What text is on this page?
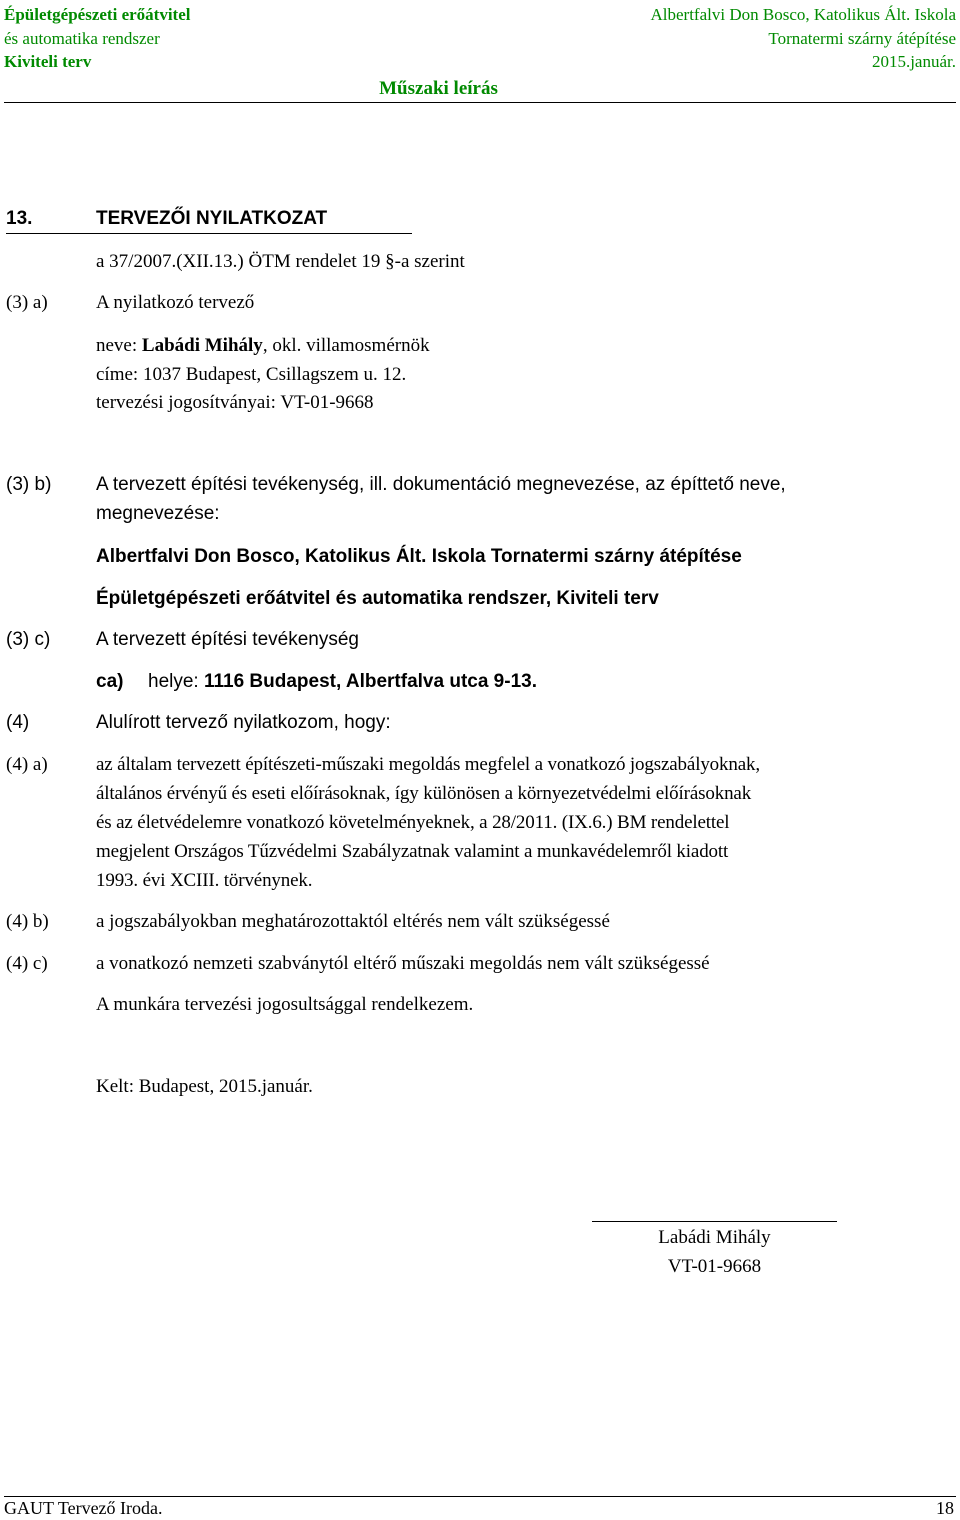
Épületgépészeti erőátvitel
és automatika rendszer
Kiviteli terv
Albertfalvi Don Bosco, Katolikus Ált. Iskola
Tornatermi szárny átépítése
2015.január.
Műszaki leírás
13.	TERVEZŐI NYILATKOZAT
a 37/2007.(XII.13.) ÖTM rendelet 19 §-a szerint
(3) a)	A nyilatkozó tervező
neve: Labádi Mihály, okl. villamosmérnök
címe: 1037 Budapest, Csillagszem u. 12.
tervezési jogosítványai: VT-01-9668
(3) b) A tervezett építési tevékenység, ill. dokumentáció megnevezése, az építtető neve,
megnevezése:
Albertfalvi Don Bosco, Katolikus Ált. Iskola Tornatermi szárny átépítése
Épületgépészeti erőátvitel és automatika rendszer, Kiviteli terv
(3) c) A tervezett építési tevékenység
ca) helye: 1116 Budapest, Albertfalva utca 9-13.
(4)	Alulírott tervező nyilatkozom, hogy:
(4) a)	az általam tervezett építészeti-műszaki megoldás megfelel a vonatkozó jogszabályoknak,
általános érvényű és eseti előírásoknak, így különösen a környezetvédelmi előírásoknak
és az életvédelemre vonatkozó követelményeknek, a 28/2011. (IX.6.) BM rendelettel
megjelent Országos Tűzvédelmi Szabályzatnak valamint a munkavédelemről kiadott
1993. évi XCIII. törvénynek.
(4) b) a jogszabályokban meghatározottaktól eltérés nem vált szükségessé
(4) c)	a vonatkozó nemzeti szabványtól eltérő műszaki megoldás nem vált szükségessé
A munkára tervezési jogosultsággal rendelkezem.
Kelt: Budapest, 2015.január.
Labádi Mihály
VT-01-9668
GAUT Tervező Iroda.	18
